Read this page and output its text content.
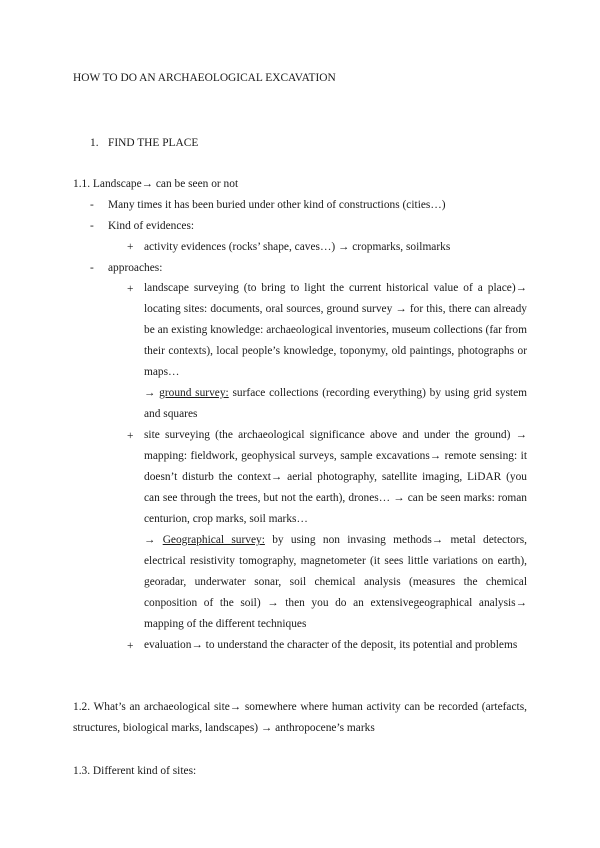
HOW TO DO AN ARCHAEOLOGICAL EXCAVATION
1. FIND THE PLACE
1.1. Landscape→ can be seen or not
- Many times it has been buried under other kind of constructions (cities…)
- Kind of evidences:
+ activity evidences (rocks’ shape, caves…) → cropmarks, soilmarks
- approaches:
+ landscape surveying (to bring to light the current historical value of a place)→ locating sites: documents, oral sources, ground survey → for this, there can already be an existing knowledge: archaeological inventories, museum collections (far from their contexts), local people’s knowledge, toponymy, old paintings, photographs or maps…
→ ground survey: surface collections (recording everything) by using grid system and squares
+ site surveying (the archaeological significance above and under the ground) → mapping: fieldwork, geophysical surveys, sample excavations→ remote sensing: it doesn’t disturb the context→ aerial photography, satellite imaging, LiDAR (you can see through the trees, but not the earth), drones… → can be seen marks: roman centurion, crop marks, soil marks…
→ Geographical survey: by using non invasing methods→ metal detectors, electrical resistivity tomography, magnetometer (it sees little variations on earth), georadar, underwater sonar, soil chemical analysis (measures the chemical conposition of the soil) → then you do an extensivegeographical analysis→ mapping of the different techniques
+ evaluation→ to understand the character of the deposit, its potential and problems
1.2. What’s an archaeological site→ somewhere where human activity can be recorded (artefacts, structures, biological marks, landscapes) → anthropocene’s marks
1.3. Different kind of sites:
